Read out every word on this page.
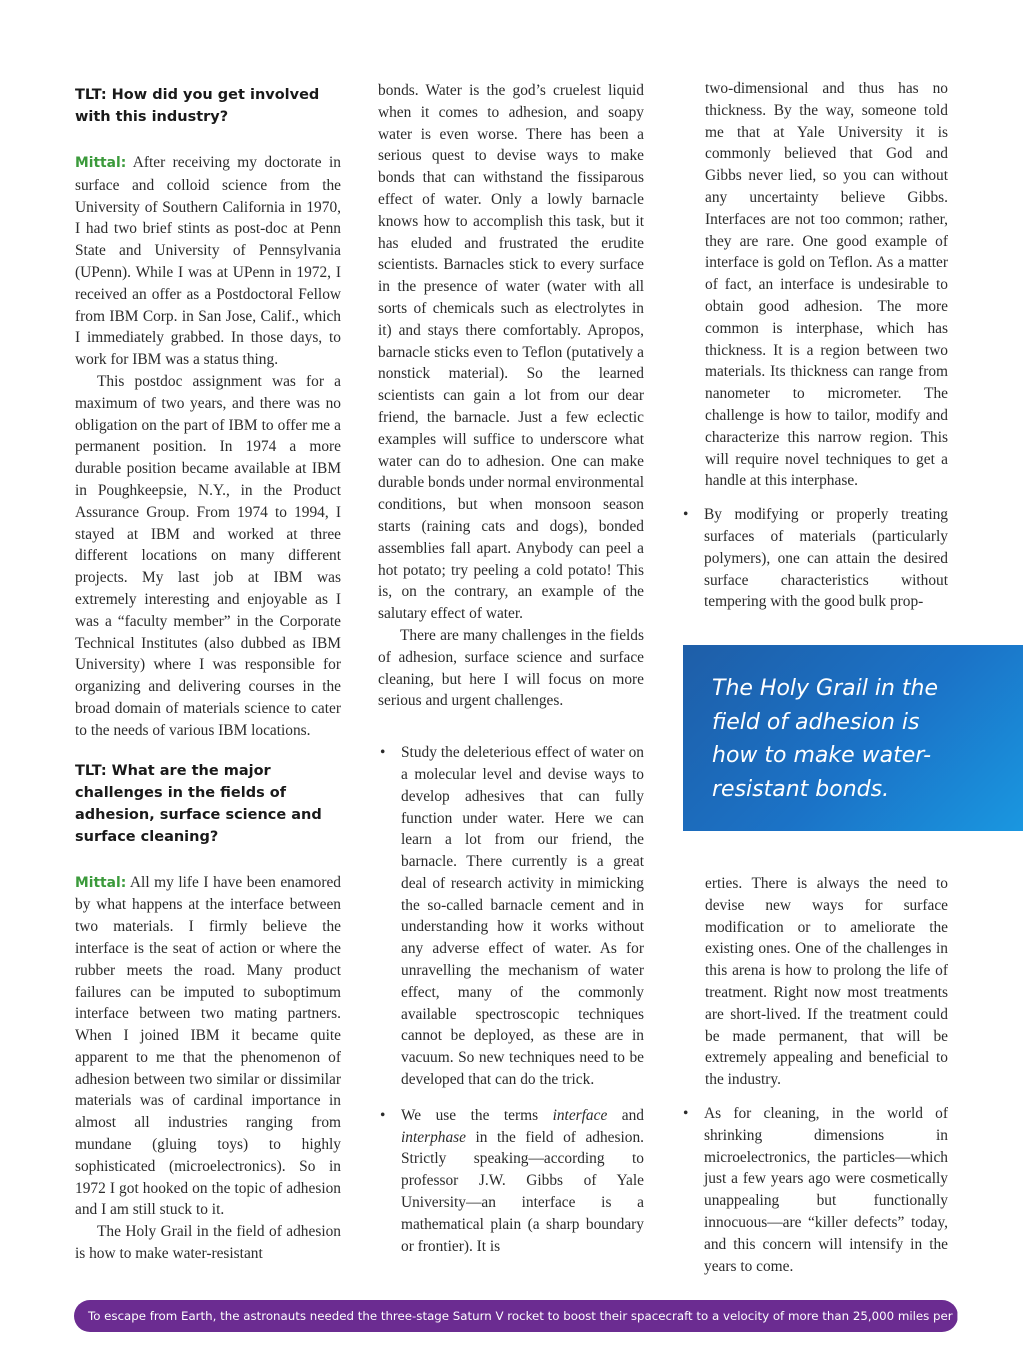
TLT: How did you get involved with this industry?

Mittal: After receiving my doctorate in surface and colloid science from the University of Southern California in 1970, I had two brief stints as post-doc at Penn State and University of Pennsylvania (UPenn). While I was at UPenn in 1972, I received an offer as a Postdoctoral Fellow from IBM Corp. in San Jose, Calif., which I immediately grabbed. In those days, to work for IBM was a status thing.

This postdoc assignment was for a maximum of two years, and there was no obligation on the part of IBM to offer me a permanent position. In 1974 a more durable position became available at IBM in Poughkeepsie, N.Y., in the Product Assurance Group. From 1974 to 1994, I stayed at IBM and worked at three different locations on many different projects. My last job at IBM was extremely interesting and enjoyable as I was a “faculty member” in the Corporate Technical Institutes (also dubbed as IBM University) where I was responsible for organizing and delivering courses in the broad domain of materials science to cater to the needs of various IBM locations.

TLT: What are the major challenges in the fields of adhesion, surface science and surface cleaning?

Mittal: All my life I have been enamored by what happens at the interface between two materials. I firmly believe the interface is the seat of action or where the rubber meets the road. Many product failures can be imputed to suboptimum interface between two mating partners. When I joined IBM it became quite apparent to me that the phenomenon of adhesion between two similar or dissimilar materials was of cardinal importance in almost all industries ranging from mundane (gluing toys) to highly sophisticated (microelectronics). So in 1972 I got hooked on the topic of adhesion and I am still stuck to it.

The Holy Grail in the field of adhesion is how to make water-resistant

bonds. Water is the god’s cruelest liquid when it comes to adhesion, and soapy water is even worse. There has been a serious quest to devise ways to make bonds that can withstand the fissiparous effect of water. Only a lowly barnacle knows how to accomplish this task, but it has eluded and frustrated the erudite scientists. Barnacles stick to every surface in the presence of water (water with all sorts of chemicals such as electrolytes in it) and stays there comfortably. Apropos, barnacle sticks even to Teflon (putatively a nonstick material). So the learned scientists can gain a lot from our dear friend, the barnacle. Just a few eclectic examples will suffice to underscore what water can do to adhesion. One can make durable bonds under normal environmental conditions, but when monsoon season starts (raining cats and dogs), bonded assemblies fall apart. Anybody can peel a hot potato; try peeling a cold potato! This is, on the contrary, an example of the salutary effect of water.

There are many challenges in the fields of adhesion, surface science and surface cleaning, but here I will focus on more serious and urgent challenges.

• Study the deleterious effect of water on a molecular level and devise ways to develop adhesives that can fully function under water. Here we can learn a lot from our friend, the barnacle. There currently is a great deal of research activity in mimicking the so-called barnacle cement and in understanding how it works without any adverse effect of water. As for unravelling the mechanism of water effect, many of the commonly available spectroscopic techniques cannot be deployed, as these are in vacuum. So new techniques need to be developed that can do the trick.
• We use the terms interface and interphase in the field of adhesion. Strictly speaking—according to professor J.W. Gibbs of Yale University—an interface is a mathematical plain (a sharp boundary or frontier). It is

two-dimensional and thus has no thickness. By the way, someone told me that at Yale University it is commonly believed that God and Gibbs never lied, so you can without any uncertainty believe Gibbs. Interfaces are not too common; rather, they are rare. One good example of interface is gold on Teflon. As a matter of fact, an interface is undesirable to obtain good adhesion. The more common is interphase, which has thickness. It is a region between two materials. Its thickness can range from nanometer to micrometer. The challenge is how to tailor, modify and characterize this narrow region. This will require novel techniques to get a handle at this interphase.

• By modifying or properly treating surfaces of materials (particularly polymers), one can attain the desired surface characteristics without tempering with the good bulk prop-

The Holy Grail in the field of adhesion is how to make water-resistant bonds.

erties. There is always the need to devise new ways for surface modification or to ameliorate the existing ones. One of the challenges in this arena is how to prolong the life of treatment. Right now most treatments are short-lived. If the treatment could be made permanent, that will be extremely appealing and beneficial to the industry.

• As for cleaning, in the world of shrinking dimensions in microelectronics, the particles—which just a few years ago were cosmetically unappealing but functionally innocuous—are “killer defects” today, and this concern will intensify in the years to come.
To escape from Earth, the astronauts needed the three-stage Saturn V rocket to boost their spacecraft to a velocity of more than 25,000 miles per hour. 25
